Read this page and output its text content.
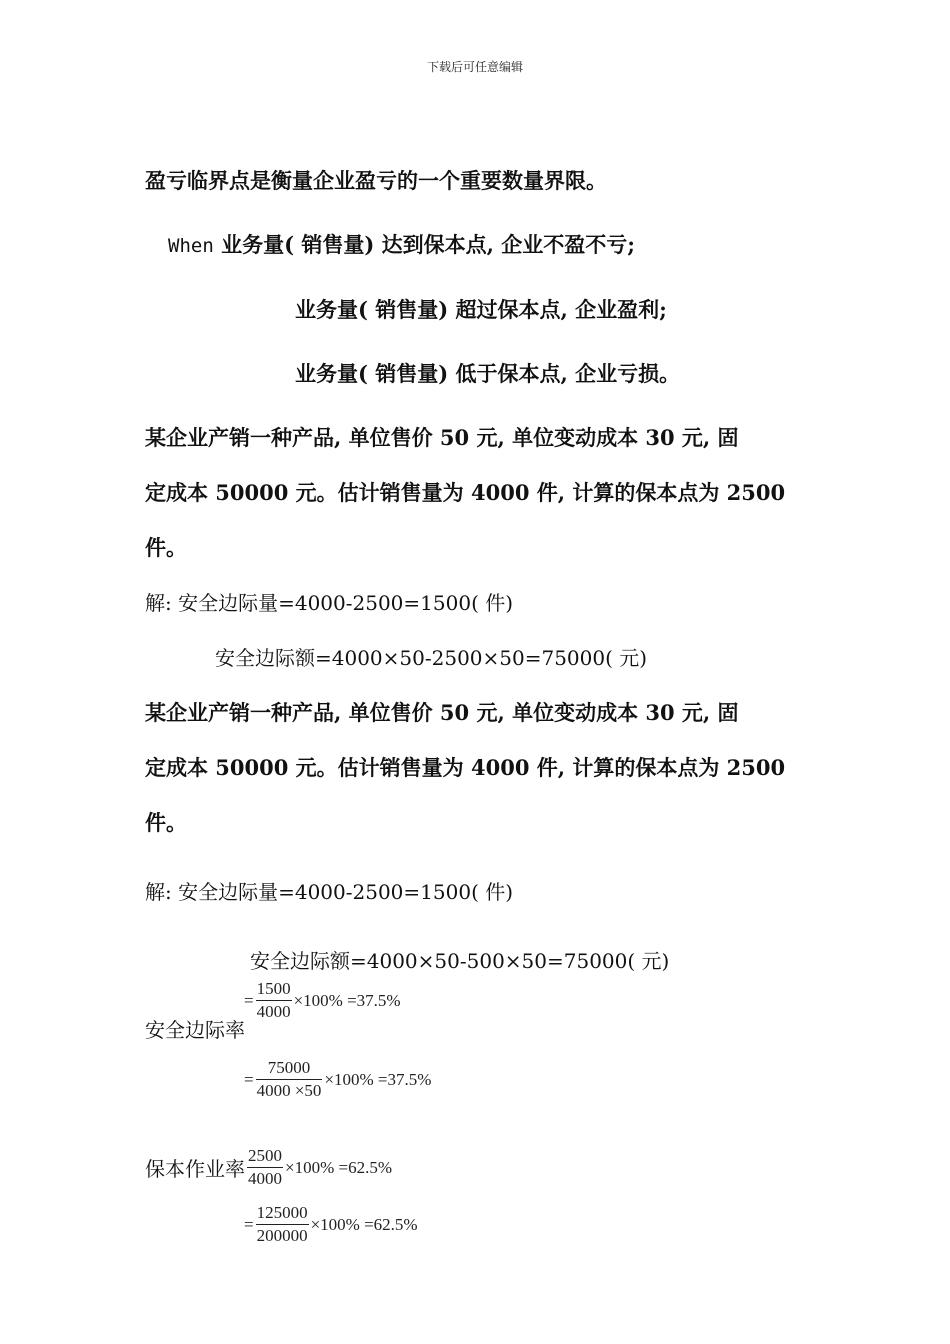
下载后可任意编辑
盈亏临界点是衡量企业盈亏的一个重要数量界限。
When 业务量( 销售量) 达到保本点, 企业不盈不亏;
业务量( 销售量) 超过保本点, 企业盈利;
业务量( 销售量) 低于保本点, 企业亏损。
某企业产销一种产品, 单位售价 50 元, 单位变动成本 30 元, 固
定成本 50000 元。估计销售量为 4000 件, 计算的保本点为 2500
件。
解: 安全边际量=4000-2500=1500( 件)
安全边际额=4000×50-2500×50=75000( 元)
某企业产销一种产品, 单位售价 50 元, 单位变动成本 30 元, 固
定成本 50000 元。估计销售量为 4000 件, 计算的保本点为 2500
件。
解: 安全边际量=4000-2500=1500( 件)
安全边际额=4000×50-500×50=75000( 元)
= $\frac{1500}{4000} \times 100\% =37.5\%$
安全边际率
= $\frac{75000}{4000 \times 50} \times 100\% =37.5\%$
保本作业率 $\frac{2500}{4000} \times 100\% =62.5\%$
= $\frac{125000}{200000} \times 100\% =62.5\%$
